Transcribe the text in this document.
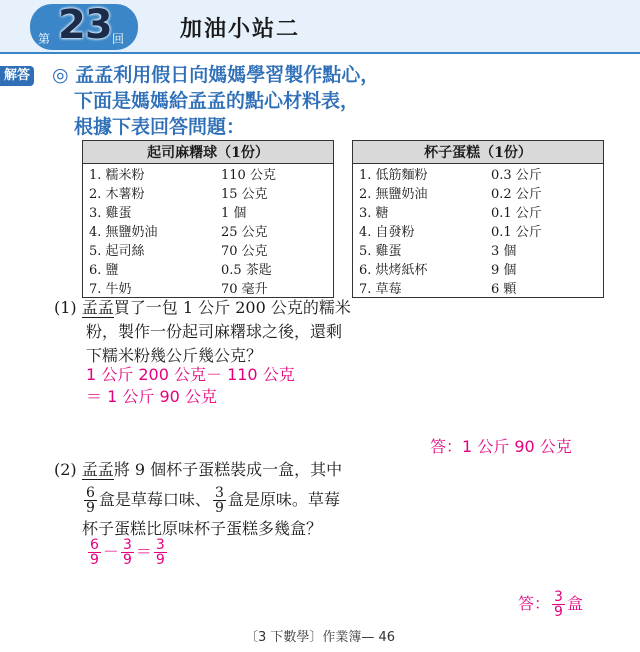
第 23 回	加油小站二
解答 ◎ 孟孟利用假日向媽媽學習製作點心，
下面是媽媽給孟孟的點心材料表，
根據下表回答問題：
起司麻糬球（1份）	
1. 糯米粉	110 公克
2. 木薯粉	15 公克
3. 雞蛋	1 個
4. 無鹽奶油	25 公克
5. 起司絲	70 公克
6. 鹽	0.5 茶匙
7. 牛奶	70 毫升
杯子蛋糕（1份）	
1. 低筋麵粉	0.3 公斤
2. 無鹽奶油	0.2 公斤
3. 糖	0.1 公斤
4. 自發粉	0.1 公斤
5. 雞蛋	3 個
6. 烘烤紙杯	9 個
7. 草莓	6 顆
(1) 孟孟買了一包 1 公斤 200 公克的糯米
粉，製作一份起司麻糬球之後，還剩
下糯米粉幾公斤幾公克？
1 公斤 200 公克－ 110 公克
＝ 1 公斤 90 公克
答：1 公斤 90 公克
(2) 孟孟將 9 個杯子蛋糕裝成一盒，其中
$\frac{6}{9}$ 盒是草莓口味、 $\frac{3}{9}$ 盒是原味。草莓
杯子蛋糕比原味杯子蛋糕多幾盒？
$\frac{6}{9} - \frac{3}{9} = \frac{3}{9}$
答： $\frac{3}{9}$ 盒
〔3 下數學〕作業簿— 46
